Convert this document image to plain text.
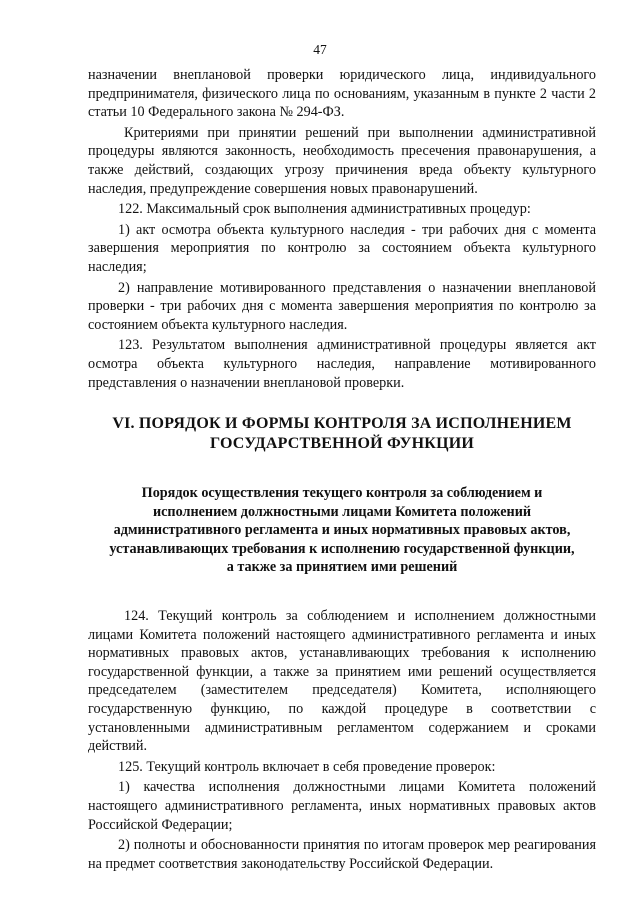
47

назначении внеплановой проверки юридического лица, индивидуального предпринимателя, физического лица по основаниям, указанным в пункте 2 части 2 статьи 10 Федерального закона № 294-ФЗ.

Критериями при принятии решений при выполнении административной процедуры являются законность, необходимость пресечения правонарушения, а также действий, создающих угрозу причинения вреда объекту культурного наследия, предупреждение совершения новых правонарушений.

122. Максимальный срок выполнения административных процедур:

1) акт осмотра объекта культурного наследия - три рабочих дня с момента завершения мероприятия по контролю за состоянием объекта культурного наследия;

2) направление мотивированного представления о назначении внеплановой проверки - три рабочих дня с момента завершения мероприятия по контролю за состоянием объекта культурного наследия.

123. Результатом выполнения административной процедуры является акт осмотра объекта культурного наследия, направление мотивированного представления о назначении внеплановой проверки.

VI. ПОРЯДОК И ФОРМЫ КОНТРОЛЯ ЗА ИСПОЛНЕНИЕМ
ГОСУДАРСТВЕННОЙ ФУНКЦИИ
Порядок осуществления текущего контроля за соблюдением и
исполнением должностными лицами Комитета положений
административного регламента и иных нормативных правовых актов,
устанавливающих требования к исполнению государственной функции,
а также за принятием ими решений

124. Текущий контроль за соблюдением и исполнением должностными лицами Комитета положений настоящего административного регламента и иных нормативных правовых актов, устанавливающих требования к исполнению государственной функции, а также за принятием ими решений осуществляется председателем (заместителем председателя) Комитета, исполняющего государственную функцию, по каждой процедуре в соответствии с установленными административным регламентом содержанием и сроками действий.

125. Текущий контроль включает в себя проведение проверок:

1) качества исполнения должностными лицами Комитета положений настоящего административного регламента, иных нормативных правовых актов Российской Федерации;

2) полноты и обоснованности принятия по итогам проверок мер реагирования на предмет соответствия законодательству Российской Федерации.
